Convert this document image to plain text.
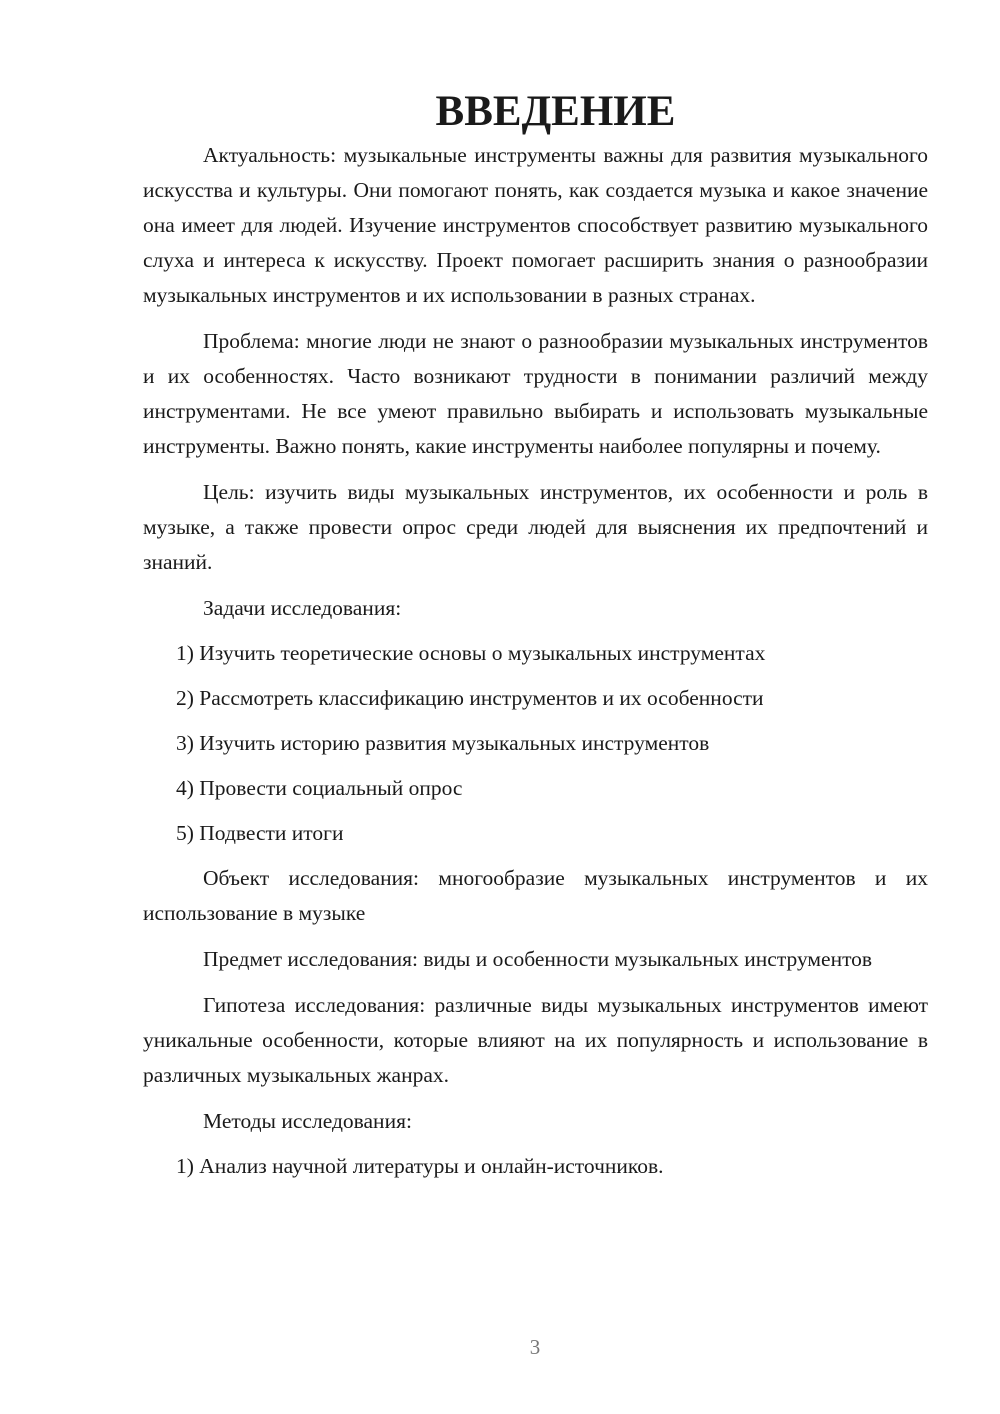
ВВЕДЕНИЕ

Актуальность: музыкальные инструменты важны для развития музыкального искусства и культуры. Они помогают понять, как создается музыка и какое значение она имеет для людей. Изучение инструментов способствует развитию музыкального слуха и интереса к искусству. Проект помогает расширить знания о разнообразии музыкальных инструментов и их использовании в разных странах.

Проблема: многие люди не знают о разнообразии музыкальных инструментов и их особенностях. Часто возникают трудности в понимании различий между инструментами. Не все умеют правильно выбирать и использовать музыкальные инструменты. Важно понять, какие инструменты наиболее популярны и почему.

Цель: изучить виды музыкальных инструментов, их особенности и роль в музыке, а также провести опрос среди людей для выяснения их предпочтений и знаний.

Задачи исследования:

1) Изучить теоретические основы о музыкальных инструментах
2) Рассмотреть классификацию инструментов и их особенности
3) Изучить историю развития музыкальных инструментов
4) Провести социальный опрос
5) Подвести итоги

Объект исследования: многообразие музыкальных инструментов и их использование в музыке

Предмет исследования: виды и особенности музыкальных инструментов

Гипотеза исследования: различные виды музыкальных инструментов имеют уникальные особенности, которые влияют на их популярность и использование в различных музыкальных жанрах.

Методы исследования:

1) Анализ научной литературы и онлайн-источников.
3
